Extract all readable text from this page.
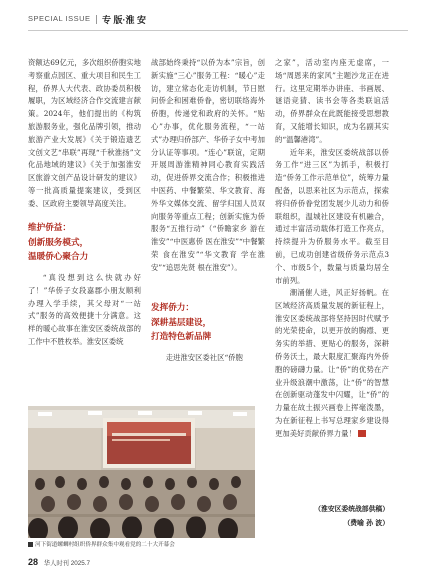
SPECIAL ISSUE 专 版·淮 安

资额达69亿元，多次组织侨胞实地考察重点园区、重大项目和民生工程，侨界人大代表、政协委员积极履职，为区域经济合作交流建言献策。2024年，他们提出的《构筑旅游服务业，强化品牌引领，推动旅游产业大发展》《关于锻造遗艺文创文艺“串联”再现“千秋淮扬”文化品地域的建议》《关于加强淮安区旅游文创产品设计研发的建议》等一批高质量提案建议，受到区委、区政府主要领导高度关注。

维护侨益：
创新服务模式，
温暖侨心聚合力

“真没想到这么快就办好了！”华侨子女段嘉郡小朋友顺利办理入学手续，其父母对“一站式”服务的高效便捷十分满意。这样的暖心故事在淮安区委统战部的工作中不胜枚举。淮安区委统

战部始终秉持“以侨为本”宗旨，创新实施“三心”服务工程：“暖心”走访，建立常态化走访机制，节日慰问侨企和困难侨眷，密切联络海外侨胞，传递党和政府的关怀。“贴心”办事，优化服务流程，“一站式”办理归侨部产、华侨子女中考加分认证等事项。“连心”联谊，定期开展周游淮精神同心教育实践活动，促进侨界交流合作；积极推进中医药、中餐繁荣、华文教育、海外华文媒体交流、留学归国人员双向服务等重点工程；创新实施为侨服务“五推行动”（“侨瞻家乡 游在淮安”“中医惠侨 医在淮安”“中餐繁荣 食在淮安”“华文教育 学在淮安”“追思先贤 根在淮安”）。

发挥侨力：
深耕基层建设，
打造特色新品牌

走进淮安区委社区“侨胞

之家”，活动室内座无虚席，一场“周恩来的家风”主题沙龙正在进行。这里定期举办讲座、书画展、谜语竞猜、读书会等各类联谊活动，侨界群众在此既能接受思想教育，又能增长知识，成为名副其实的“温馨港湾”。

近年来，淮安区委统战部以侨务工作“进三区”为抓手，积极打造“侨务工作示范单位”，统筹力量配备，以思来社区为示范点，探索将归侨侨眷党团发展少儿动力和侨联组织，温城社区建设有机融合，通过丰富活动载体打造工作亮点，持续提升为侨服务水平。截至目前，已成功创建省级侨务示范点3个、市级5个，数量与质量均居全市前列。

潮涌催人进，风正好扬帆。在区域经济高质量发展的新征程上，淮安区委统战部将坚持因时代赋予的光荣使命，以更开放的胸襟、更务实的举措、更贴心的服务，深耕侨务沃土，最大限度汇聚海内外侨胞的磅礴力量。让“侨”的优势在产业升级浪潮中激荡，让“侨”的智慧在创新驱动蓬发中闪耀，让“侨”的力量在故土振兴画卷上挥毫泼墨，为在新征程上书写总理家乡建设得更加美好贡献侨界力量！

（淮安区委统战部供稿）
（费喻 孙 波）
河下街道螺蛳村组织侨界群众集中观看党的二十大开幕会
28 华人时刊 2025.7
